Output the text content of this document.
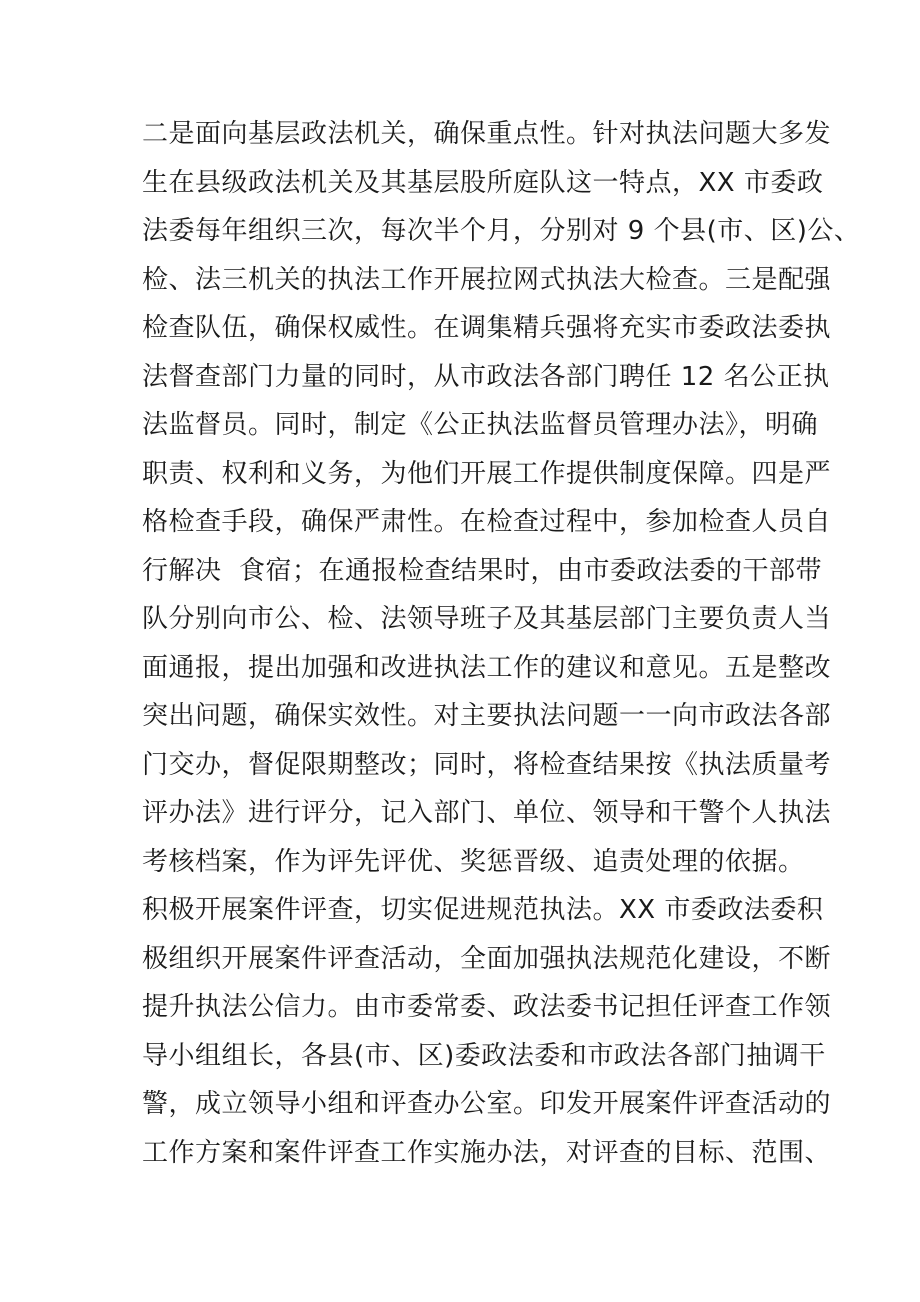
二是面向基层政法机关，确保重点性。针对执法问题大多发
生在县级政法机关及其基层股所庭队这一特点，XX 市委政
法委每年组织三次，每次半个月，分别对 9 个县(市、区)公、
检、法三机关的执法工作开展拉网式执法大检查。三是配强
检查队伍，确保权威性。在调集精兵强将充实市委政法委执
法督查部门力量的同时，从市政法各部门聘任 12 名公正执
法监督员。同时，制定《公正执法监督员管理办法》，明确
职责、权利和义务，为他们开展工作提供制度保障。四是严
格检查手段，确保严肃性。在检查过程中，参加检查人员自
行解决  食宿；在通报检查结果时，由市委政法委的干部带
队分别向市公、检、法领导班子及其基层部门主要负责人当
面通报，提出加强和改进执法工作的建议和意见。五是整改
突出问题，确保实效性。对主要执法问题一一向市政法各部
门交办，督促限期整改；同时，将检查结果按《执法质量考
评办法》进行评分，记入部门、单位、领导和干警个人执法
考核档案，作为评先评优、奖惩晋级、追责处理的依据。
积极开展案件评查，切实促进规范执法。XX 市委政法委积
极组织开展案件评查活动，全面加强执法规范化建设，不断
提升执法公信力。由市委常委、政法委书记担任评查工作领
导小组组长，各县(市、区)委政法委和市政法各部门抽调干
警，成立领导小组和评查办公室。印发开展案件评查活动的
工作方案和案件评查工作实施办法，对评查的目标、范围、
